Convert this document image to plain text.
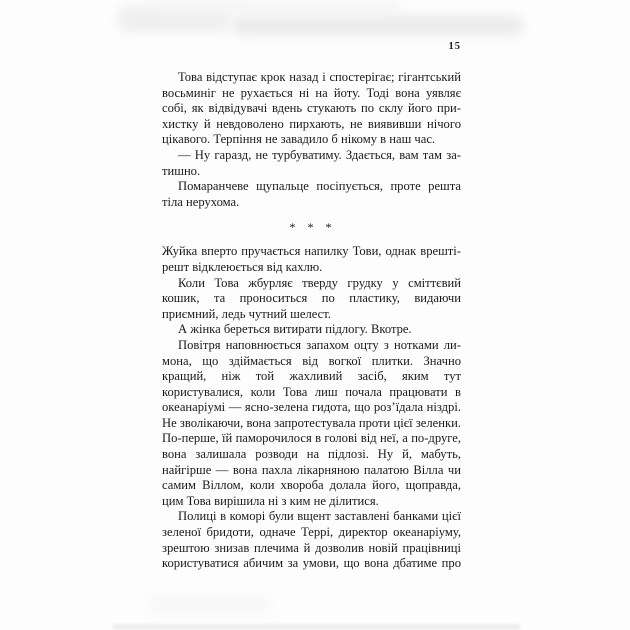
15

Това відступає крок назад і спостерігає; гігантський восьминіг не рухається ні на йоту. Тоді вона уявляє собі, як відвідувачі вдень стукають по склу його прихистку й невдоволено пирхають, не виявивши нічого цікавого. Терпіння не завадило б нікому в наш час.

— Ну гаразд, не турбуватиму. Здається, вам там затишно.

Помаранчеве щупальце посіпується, проте решта тіла нерухома.

* * *

Жуйка вперто пручається напилку Тови, однак врешті-решт відклеюється від кахлю.

Коли Това жбурляє тверду грудку у сміттєвий кошик, та проноситься по пластику, видаючи приємний, ледь чутний шелест.

А жінка береться витирати підлогу. Вкотре.

Повітря наповнюється запахом оцту з нотками лимона, що здіймається від вогкої плитки. Значно кращий, ніж той жахливий засіб, яким тут користувалися, коли Това лиш почала працювати в океанаріумі — ясно-зелена гидота, що роз’їдала ніздрі. Не зволікаючи, вона запротестувала проти цієї зеленки. По-перше, їй паморочилося в голові від неї, а по-друге, вона залишала розводи на підлозі. Ну й, мабуть, найгірше — вона пахла лікарняною палатою Вілла чи самим Віллом, коли хвороба долала його, щоправда, цим Това вирішила ні з ким не ділитися.

Полиці в коморі були вщент заставлені банками цієї зеленої бридоти, одначе Террі, директор океанаріуму, зрештою знизав плечима й дозволив новій працівниці користуватися абичим за умови, що вона дбатиме про
